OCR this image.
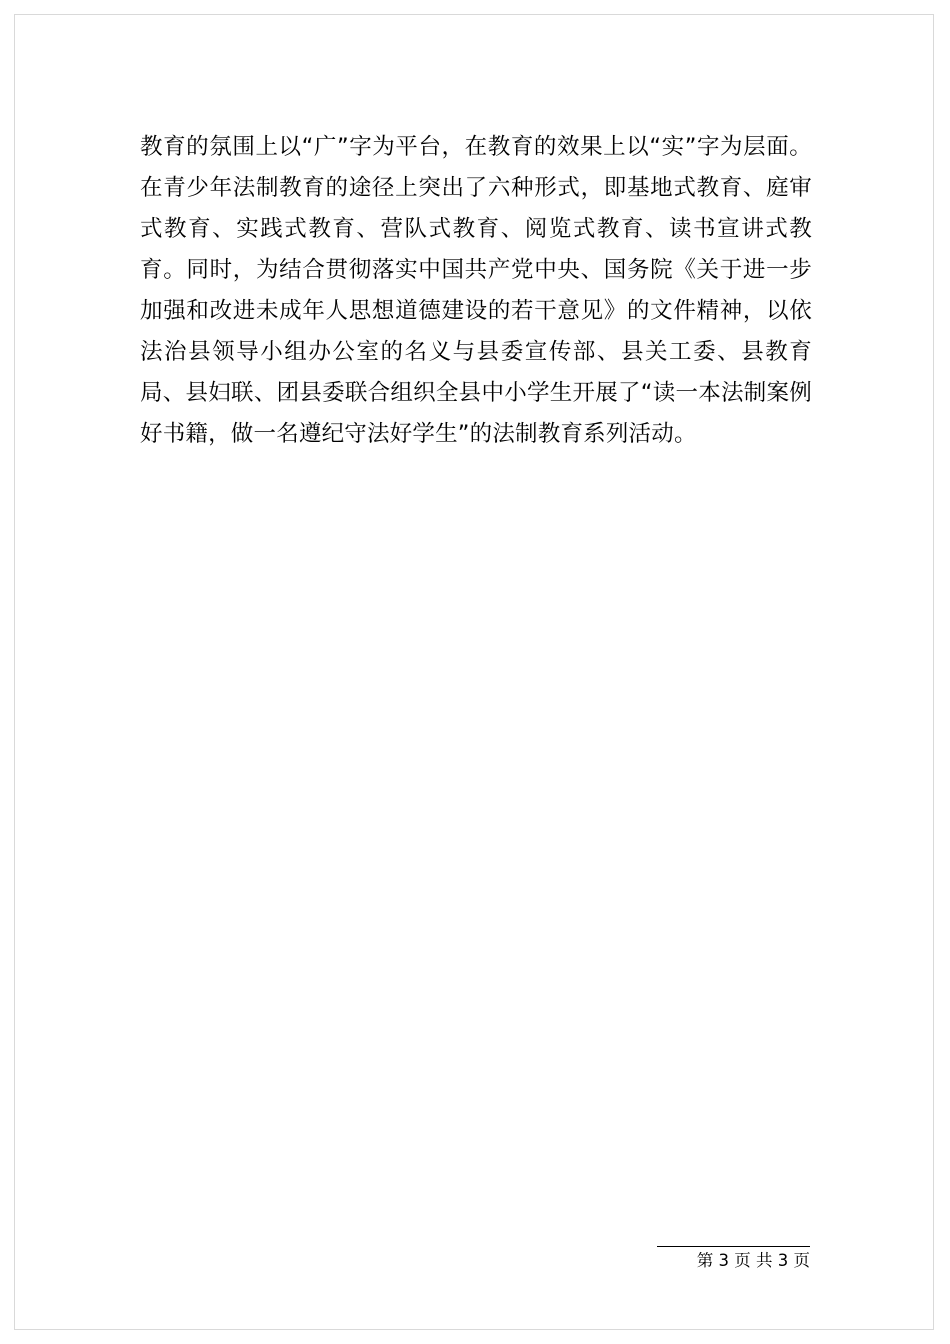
教育的氛围上以“广”字为平台，在教育的效果上以“实”字为层面。在青少年法制教育的途径上突出了六种形式，即基地式教育、庭审式教育、实践式教育、营队式教育、阅览式教育、读书宣讲式教育。同时，为结合贯彻落实中国共产党中央、国务院《关于进一步加强和改进未成年人思想道德建设的若干意见》的文件精神，以依法治县领导小组办公室的名义与县委宣传部、县关工委、县教育局、县妇联、团县委联合组织全县中小学生开展了“读一本法制案例好书籍，做一名遵纪守法好学生”的法制教育系列活动。

第 3 页 共 3 页
